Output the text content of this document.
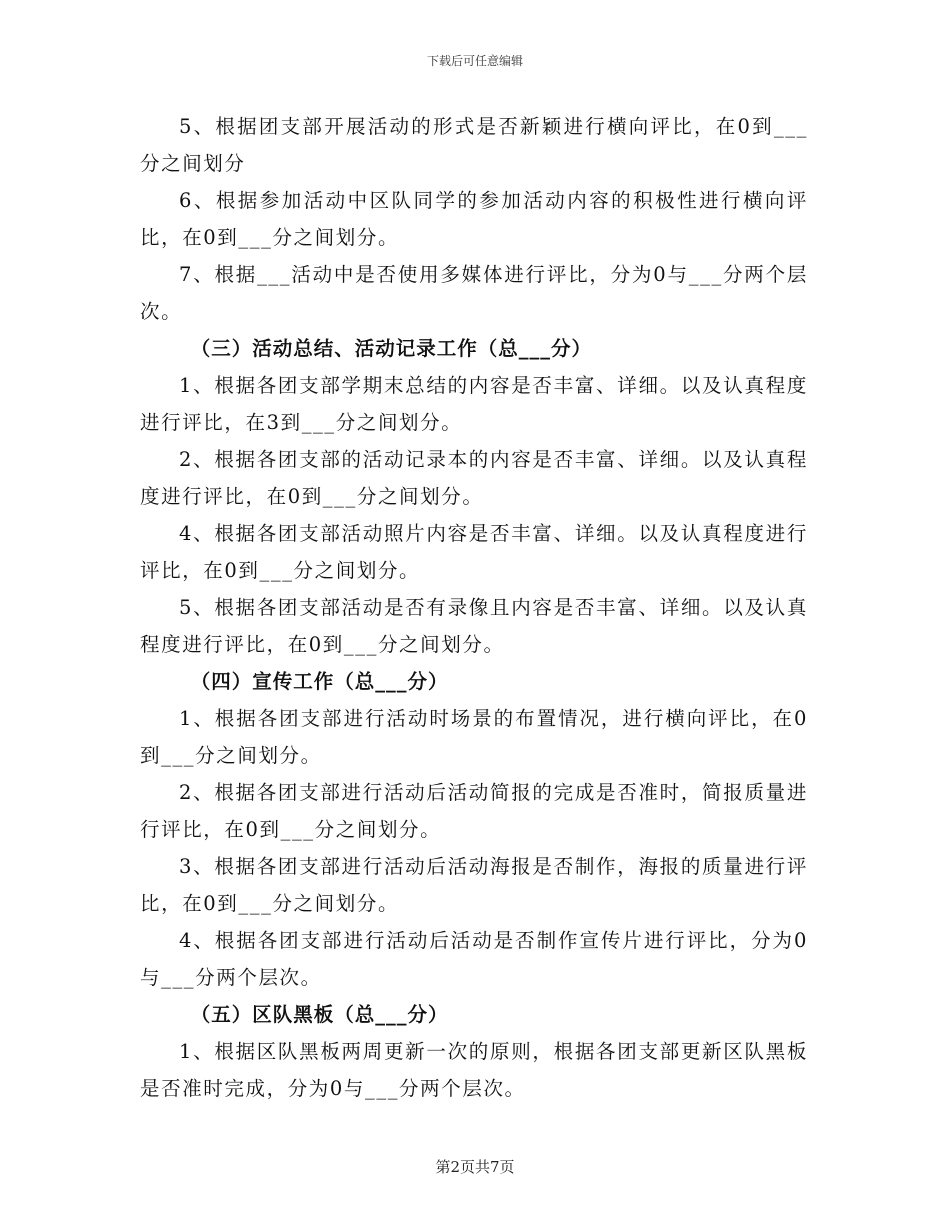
下载后可任意编辑

5、根据团支部开展活动的形式是否新颖进行横向评比，在0到___分之间划分

6、根据参加活动中区队同学的参加活动内容的积极性进行横向评比，在0到___分之间划分。

7、根据___活动中是否使用多媒体进行评比，分为0与___分两个层次。

（三）活动总结、活动记录工作（总___分）

1、根据各团支部学期末总结的内容是否丰富、详细。以及认真程度进行评比，在3到___分之间划分。

2、根据各团支部的活动记录本的内容是否丰富、详细。以及认真程度进行评比，在0到___分之间划分。

4、根据各团支部活动照片内容是否丰富、详细。以及认真程度进行评比，在0到___分之间划分。

5、根据各团支部活动是否有录像且内容是否丰富、详细。以及认真程度进行评比，在0到___分之间划分。

（四）宣传工作（总___分）

1、根据各团支部进行活动时场景的布置情况，进行横向评比，在0到___分之间划分。

2、根据各团支部进行活动后活动简报的完成是否准时，简报质量进行评比，在0到___分之间划分。

3、根据各团支部进行活动后活动海报是否制作，海报的质量进行评比，在0到___分之间划分。

4、根据各团支部进行活动后活动是否制作宣传片进行评比，分为0与___分两个层次。

（五）区队黑板（总___分）

1、根据区队黑板两周更新一次的原则，根据各团支部更新区队黑板是否准时完成，分为0与___分两个层次。

第2页共7页
